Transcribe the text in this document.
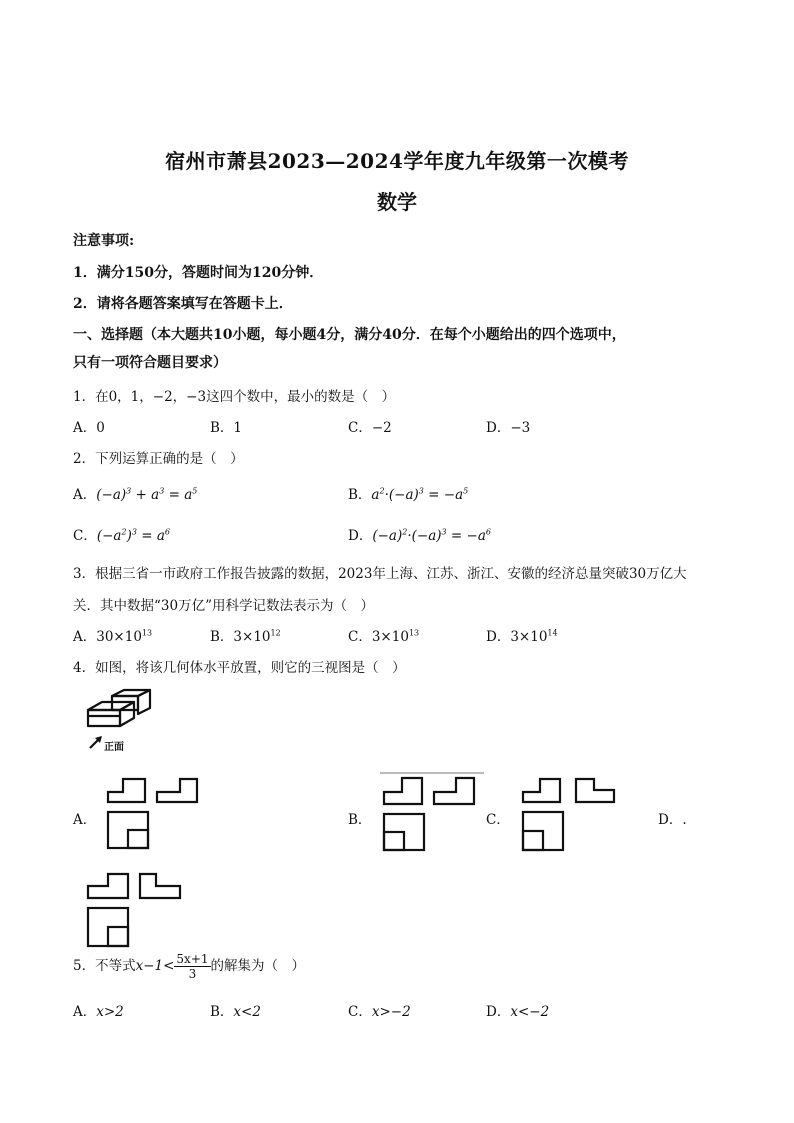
宿州市萧县2023—2024学年度九年级第一次模考
数学
注意事项:
1．满分150分，答题时间为120分钟．
2．请将各题答案填写在答题卡上．
一、选择题（本大题共10小题，每小题4分，满分40分．在每个小题给出的四个选项中，
只有一项符合题目要求）
1．在0，1，−2，−3这四个数中，最小的数是（　）
A．0	B．1	C．−2	D．−3
2．下列运算正确的是（　）
A．$(-a)^3 + a^3 = a^5$	B．$a^2\cdot(-a)^3 = -a^5$
C．$(-a^2)^3 = a^6$	D．$(-a)^2\cdot(-a)^3 = -a^6$
3．根据三省一市政府工作报告披露的数据，2023年上海、江苏、浙江、安徽的经济总量突破30万亿大
关．其中数据“30万亿”用科学记数法表示为（　）
A．$30\times 10^{13}$	B．$3\times 10^{12}$	C．$3\times 10^{13}$	D．$3\times 10^{14}$
4．如图，将该几何体水平放置，则它的三视图是（　）
正面
A．	B．	C．	D．.
5．不等式$x-1< \frac{5x+1}{3}$ 的解集为（　）
A．x>2	B．x<2	C．x>−2	D．x<−2
